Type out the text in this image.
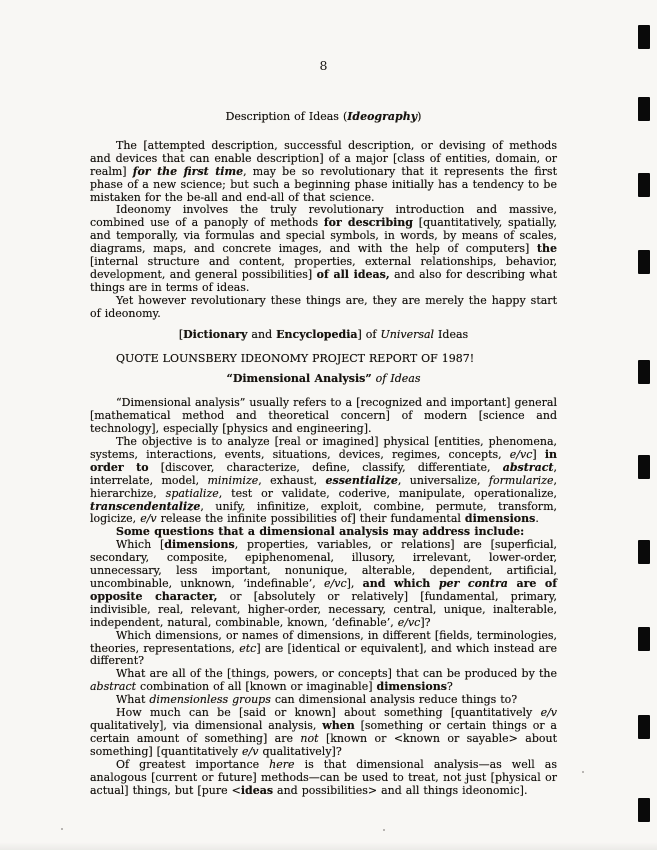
8
Description of Ideas (Ideography)
The [attempted description, successful description, or devising of methods and devices that can enable description] of a major [class of entities, domain, or realm] for the first time, may be so revolutionary that it represents the first phase of a new science; but such a beginning phase initially has a tendency to be mistaken for the be-all and end-all of that science.
Ideonomy involves the truly revolutionary introduction and massive, combined use of a panoply of methods for describing [quantitatively, spatially, and temporally, via formulas and special symbols, in words, by means of scales, diagrams, maps, and concrete images, and with the help of computers] the [internal structure and content, properties, external relationships, behavior, development, and general possibilities] of all ideas, and also for describing what things are in terms of ideas.
Yet however revolutionary these things are, they are merely the happy start of ideonomy.
[Dictionary and Encyclopedia] of Universal Ideas
QUOTE LOUNSBERY IDEONOMY PROJECT REPORT OF 1987!
“Dimensional Analysis” of Ideas
“Dimensional analysis” usually refers to a [recognized and important] general [mathematical method and theoretical concern] of modern [science and technology], especially [physics and engineering].
The objective is to analyze [real or imagined] physical [entities, phenomena, systems, interactions, events, situations, devices, regimes, concepts, e/vc] in order to [discover, characterize, define, classify, differentiate, abstract, interrelate, model, minimize, exhaust, essentialize, universalize, formularize, hierarchize, spatialize, test or validate, coderive, manipulate, operationalize, transcendentalize, unify, infinitize, exploit, combine, permute, transform, logicize, e/v release the infinite possibilities of] their fundamental dimensions.
Some questions that a dimensional analysis may address include:
Which [dimensions, properties, variables, or relations] are [superficial, secondary, composite, epiphenomenal, illusory, irrelevant, lower-order, unnecessary, less important, nonunique, alterable, dependent, artificial, uncombinable, unknown, ‘indefinable’, e/vc], and which per contra are of opposite character, or [absolutely or relatively] [fundamental, primary, indivisible, real, relevant, higher-order, necessary, central, unique, inalterable, independent, natural, combinable, known, ‘definable’, e/vc]?
Which dimensions, or names of dimensions, in different [fields, terminologies, theories, representations, etc] are [identical or equivalent], and which instead are different?
What are all of the [things, powers, or concepts] that can be produced by the abstract combination of all [known or imaginable] dimensions?
What dimensionless groups can dimensional analysis reduce things to?
How much can be [said or known] about something [quantitatively e/v qualitatively], via dimensional analysis, when [something or certain things or a certain amount of something] are not [known or <known or sayable> about something] [quantitatively e/v qualitatively]?
Of greatest importance here is that dimensional analysis—as well as analogous [current or future] methods—can be used to treat, not just [physical or actual] things, but [pure <ideas and possibilities> and all things ideonomic].
